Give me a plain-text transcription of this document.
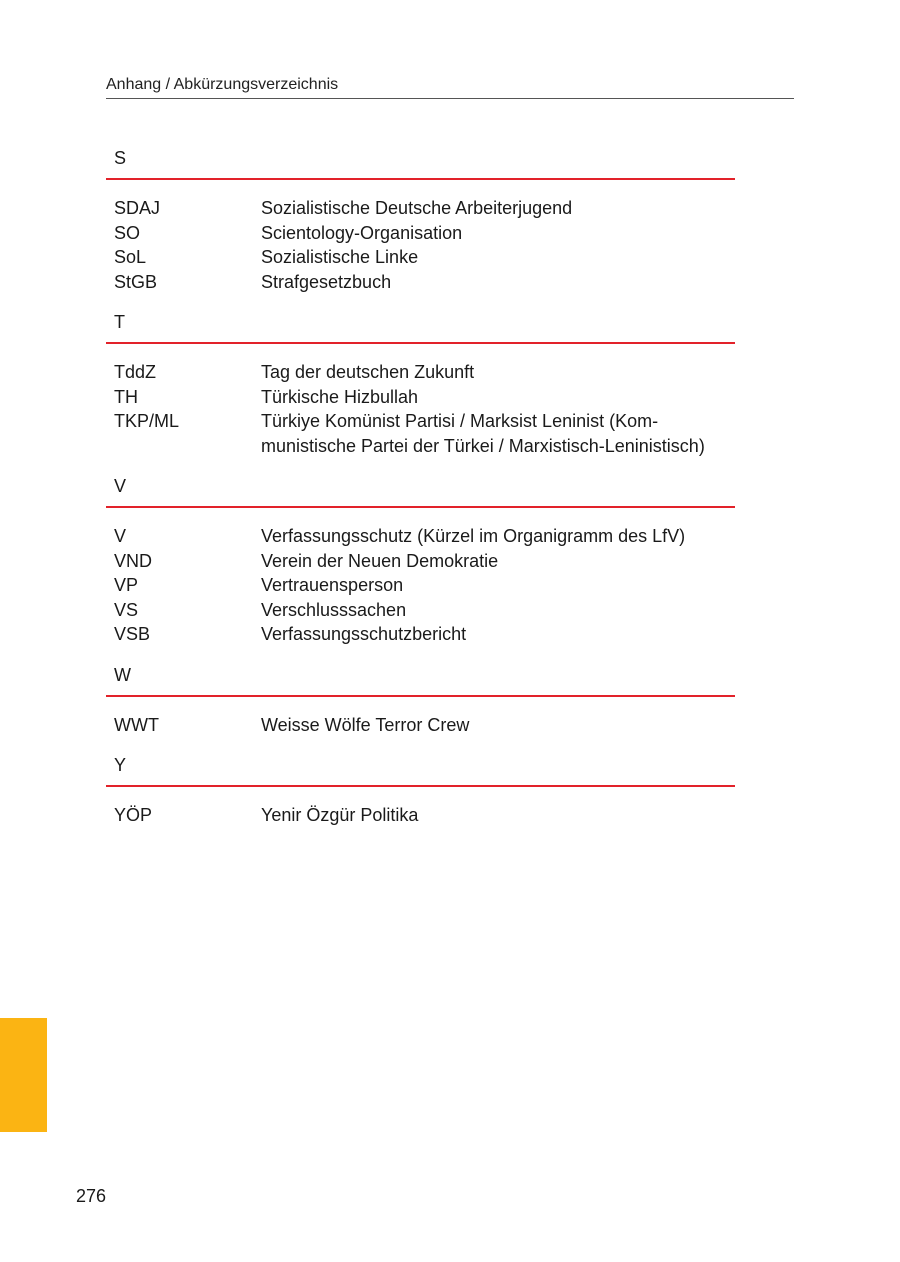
Anhang / Abkürzungsverzeichnis
S
SDAJ	Sozialistische Deutsche Arbeiterjugend
SO	Scientology-Organisation
SoL	Sozialistische Linke
StGB	Strafgesetzbuch
T
TddZ	Tag der deutschen Zukunft
TH	Türkische Hizbullah
TKP/ML	Türkiye Komünist Partisi / Marksist Leninist (Kommunistische Partei der Türkei / Marxistisch-Leninistisch)
V
V	Verfassungsschutz (Kürzel im Organigramm des LfV)
VND	Verein der Neuen Demokratie
VP	Vertrauensperson
VS	Verschlusssachen
VSB	Verfassungsschutzbericht
W
WWT	Weisse Wölfe Terror Crew
Y
YÖP	Yenir Özgür Politika
276
